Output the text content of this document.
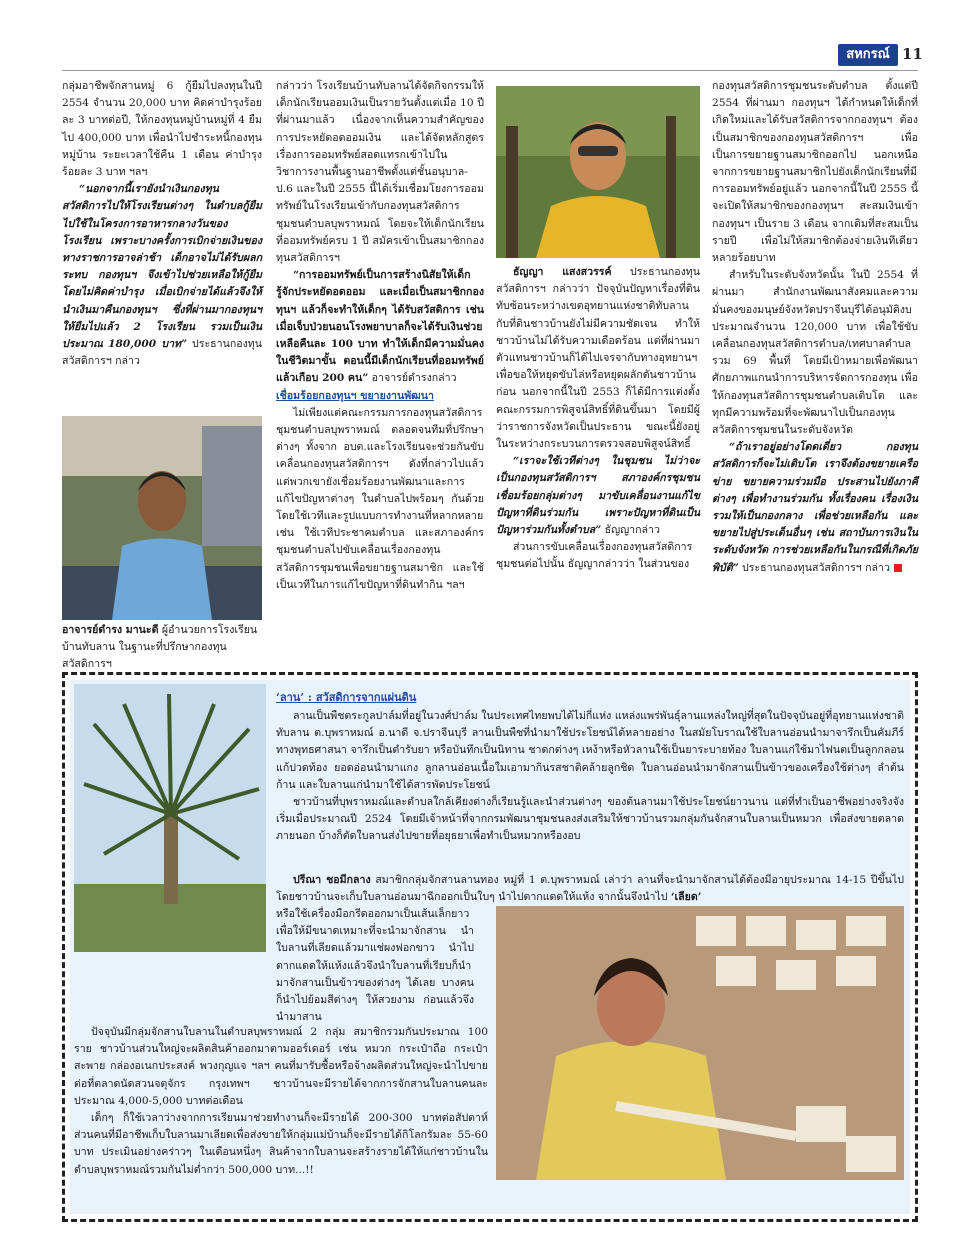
สหกรณ์ 11

กลุ่มอาชีพจักสานหมู่ 6 กู้ยืมไปลงทุนในปี 2554 จำนวน 20,000 บาท คิดค่าบำรุงร้อยละ 3 บาทต่อปี, ให้กองทุนหมู่บ้านหมู่ที่ 4 ยืมไป 400,000 บาท เพื่อนำไปชำระหนี้กองทุนหมู่บ้าน ระยะเวลาใช้คืน 1 เดือน ค่าบำรุงร้อยละ 3 บาท ฯลฯ

“นอกจากนี้เรายังนำเงินกองทุนสวัสดิการไปให้โรงเรียนต่างๆ ในตำบลกู้ยืมไปใช้ในโครงการอาหารกลางวันของโรงเรียน เพราะบางครั้งการเบิกจ่ายเงินของทางราชการอาจล่าช้า เด็กอาจไม่ได้รับผลกระทบ กองทุนฯ จึงเข้าไปช่วยเหลือให้กู้ยืมโดยไม่คิดค่าบำรุง เมื่อเบิกจ่ายได้แล้วจึงให้นำเงินมาคืนกองทุนฯ ซึ่งที่ผ่านมากองทุนฯ ให้ยืมไปแล้ว 2 โรงเรียน รวมเป็นเงินประมาณ 180,000 บาท” ประธานกองทุนสวัสดิการฯ กล่าว

อาจารย์ดำรง มานะดี ผู้อำนวยการโรงเรียนบ้านทับลาน ในฐานะที่ปรึกษากองทุนสวัสดิการฯ

กล่าวว่า โรงเรียนบ้านทับลานได้จัดกิจกรรมให้เด็กนักเรียนออมเงินเป็นรายวันตั้งแต่เมื่อ 10 ปีที่ผ่านมาแล้ว เนื่องจากเห็นความสำคัญของการประหยัดอดออมเงิน และได้จัดหลักสูตรเรื่องการออมทรัพย์สอดแทรกเข้าไปในวิชาการงานพื้นฐานอาชีพตั้งแต่ชั้นอนุบาล-ป.6 และในปี 2555 นี้ได้เริ่มเชื่อมโยงการออมทรัพย์ในโรงเรียนเข้ากับกองทุนสวัสดิการชุมชนตำบลบุพราหมณ์ โดยจะให้เด็กนักเรียนที่ออมทรัพย์ครบ 1 ปี สมัครเข้าเป็นสมาชิกกองทุนสวัสดิการฯ

“การออมทรัพย์เป็นการสร้างนิสัยให้เด็กรู้จักประหยัดอดออม และเมื่อเป็นสมาชิกกองทุนฯ แล้วก็จะทำให้เด็กๆ ได้รับสวัสดิการ เช่น เมื่อเจ็บป่วยนอนโรงพยาบาลก็จะได้รับเงินช่วยเหลือคืนละ 100 บาท ทำให้เด็กมีความมั่นคงในชีวิตมาขั้น ตอนนี้มีเด็กนักเรียนที่ออมทรัพย์แล้วเกือบ 200 คน” อาจารย์ดำรงกล่าว

เชื่อมร้อยกองทุนฯ ขยายงานพัฒนา

ไม่เพียงแต่คณะกรรมการกองทุนสวัสดิการชุมชนตำบลบุพราหมณ์ ตลอดจนทีมที่ปรึกษาต่างๆ ทั้งจาก อบต.และโรงเรียนจะช่วยกันขับเคลื่อนกองทุนสวัสดิการฯ ดังที่กล่าวไปแล้ว แต่พวกเขายังเชื่อมร้อยงานพัฒนาและการแก้ไขปัญหาต่างๆ ในตำบลไปพร้อมๆ กันด้วย โดยใช้เวทีและรูปแบบการทำงานที่หลากหลาย เช่น ใช้เวทีประชาคมตำบล และสภาองค์กรชุมชนตำบลไปขับเคลื่อนเรื่องกองทุนสวัสดิการชุมชนเพื่อขยายฐานสมาชิก และใช้เป็นเวทีในการแก้ไขปัญหาที่ดินทำกิน ฯลฯ

ธัญญา แสงสวรรค์ ประธานกองทุนสวัสดิการฯ กล่าวว่า ปัจจุบันปัญหาเรื่องที่ดินทับซ้อนระหว่างเขตอุทยานแห่งชาติทับลานกับที่ดินชาวบ้านยังไม่มีความชัดเจน ทำให้ชาวบ้านไม่ได้รับความเดือดร้อน แต่ที่ผ่านมาตัวแทนชาวบ้านก็ได้ไปเจรจากับทางอุทยานฯ เพื่อขอให้หยุดขับไล่หรือหยุดผลักดันชาวบ้านก่อน นอกจากนี้ในปี 2553 ก็ได้มีการแต่งตั้งคณะกรรมการพิสูจน์สิทธิ์ที่ดินขึ้นมา โดยมีผู้ว่าราชการจังหวัดเป็นประธาน ขณะนี้ยังอยู่ในระหว่างกระบวนการตรวจสอบพิสูจน์สิทธิ์

“เราจะใช้เวทีต่างๆ ในชุมชน ไม่ว่าจะเป็นกองทุนสวัสดิการฯ สภาองค์กรชุมชน เชื่อมร้อยกลุ่มต่างๆ มาขับเคลื่อนงานแก้ไขปัญหาที่ดินร่วมกัน เพราะปัญหาที่ดินเป็นปัญหาร่วมกันทั้งตำบล” ธัญญากล่าว

ส่วนการขับเคลื่อนเรื่องกองทุนสวัสดิการชุมชนต่อไปนั้น ธัญญากล่าวว่า ในส่วนของ

กองทุนสวัสดิการชุมชนระดับตำบล ตั้งแต่ปี 2554 ที่ผ่านมา กองทุนฯ ได้กำหนดให้เด็กที่เกิดใหม่และได้รับสวัสดิการจากกองทุนฯ ต้องเป็นสมาชิกของกองทุนสวัสดิการฯ เพื่อเป็นการขยายฐานสมาชิกออกไป นอกเหนือจากการขยายฐานสมาชิกไปยังเด็กนักเรียนที่มีการออมทรัพย์อยู่แล้ว นอกจากนี้ในปี 2555 นี้ จะเปิดให้สมาชิกของกองทุนฯ สะสมเงินเข้ากองทุนฯ เป็นราย 3 เดือน จากเดิมที่สะสมเป็นรายปี เพื่อไม่ให้สมาชิกต้องจ่ายเงินทีเดียวหลายร้อยบาท

สำหรับในระดับจังหวัดนั้น ในปี 2554 ที่ผ่านมา สำนักงานพัฒนาสังคมและความมั่นคงของมนุษย์จังหวัดปราจีนบุรีได้อนุมัติงบประมาณจำนวน 120,000 บาท เพื่อใช้ขับเคลื่อนกองทุนสวัสดิการตำบล/เทศบาลตำบล รวม 69 พื้นที่ โดยมีเป้าหมายเพื่อพัฒนาศักยภาพแกนนำการบริหารจัดการกองทุน เพื่อให้กองทุนสวัสดิการชุมชนตำบลเติบโต และทุกมีความพร้อมที่จะพัฒนาไปเป็นกองทุนสวัสดิการชุมชนในระดับจังหวัด

“ถ้าเราอยู่อย่างโดดเดี่ยว กองทุนสวัสดิการก็จะไม่เติบโต เราจึงต้องขยายเครือข่าย ขยายความร่วมมือ ประสานไปยังภาคีต่างๆ เพื่อทำงานร่วมกัน ทั้งเรื่องคน เรื่องเงิน รวมให้เป็นกองกลาง เพื่อช่วยเหลือกัน และขยายไปสู่ประเด็นอื่นๆ เช่น สถาบันการเงินในระดับจังหวัด การช่วยเหลือกันในกรณีที่เกิดภัยพิบัติ” ประธานกองทุนสวัสดิการฯ กล่าว

‘ลาน’ : สวัสดิการจากแผ่นดิน

ลานเป็นพืชตระกูลปาล์มที่อยู่ในวงศ์ปาล์ม ในประเทศไทยพบได้ไม่กี่แห่ง แหล่งแพร่พันธุ์ลานแหล่งใหญ่ที่สุดในปัจจุบันอยู่ที่อุทยานแห่งชาติทับลาน ต.บุพราหมณ์ อ.นาดี จ.ปราจีนบุรี ลานเป็นพืชที่นำมาใช้ประโยชน์ได้หลายอย่าง ในสมัยโบราณใช้ใบลานอ่อนนำมาจารึกเป็นคัมภีร์ทางพุทธศาสนา จารึกเป็นตำรับยา หรือบันทึกเป็นนิทาน ชาดกต่างๆ เหง้าหรือหัวลานใช้เป็นยาระบายท้อง ใบลานแก่ใช้มาไฟนตเป็นลูกกลอนแก้ปวดท้อง ยอดอ่อนนำมาแกง ลูกลานอ่อนเนื้อใมเอามากินรสชาติคล้ายลูกชิด ใบลานอ่อนนำมาจักสานเป็นข้าวของเครื่องใช้ต่างๆ ลำต้น ก้าน และใบลานแก่นำมาใช้ได้สารพัดประโยชน์

ชาวบ้านที่บุพราหมณ์และตำบลใกล้เคียงต่างก็เรียนรู้และนำส่วนต่างๆ ของต้นลานมาใช้ประโยชน์ยาวนาน แต่ที่ทำเป็นอาชีพอย่างจริงจังเริ่มเมื่อประมาณปี 2524 โดยมีเจ้าหน้าที่จากกรมพัฒนาชุมชนลงส่งเสริมให้ชาวบ้านรวมกลุ่มกันจักสานใบลานเป็นหมวก เพื่อส่งขายตลาดภายนอก บ้างก็ตัดใบลานส่งไปขายที่อยุธยาเพื่อทำเป็นหมวกหรืองอบ

ปรีณา ชอมีกลาง สมาชิกกลุ่มจักสานลานทอง หมู่ที่ 1 ต.บุพราหมณ์ เล่าว่า ลานที่จะนำมาจักสานได้ต้องมีอายุประมาณ 14-15 ปีขึ้นไป โดยชาวบ้านจะเก็บใบลานอ่อนมาฉีกออกเป็นใบๆ นำไปตากแดดให้แห้ง จากนั้นจึงนำไป ‘เลียด’

หรือใช้เครื่องมือกรีดออกมาเป็นเส้นเล็กยาวเพื่อให้มีขนาดเหมาะที่จะนำมาจักสาน นำใบลานที่เลียดแล้วมาแช่ผงฟอกขาว นำไปตากแดดให้แห้งแล้วจึงนำใบลานที่เรียบก็นำมาจักสานเป็นข้าวของต่างๆ ได้เลย บางคนก็นำไปย้อมสีต่างๆ ให้สวยงาม ก่อนแล้วจึงนำมาสาน

ปัจจุบันมีกลุ่มจักสานใบลานในตำบลบุพราหมณ์ 2 กลุ่ม สมาชิกรวมกันประมาณ 100 ราย ชาวบ้านส่วนใหญ่จะผลิตสินค้าออกมาตามออร์เดอร์ เช่น หมวก กระเป๋าถือ กระเป๋าสะพาย กล่องอเนกประสงค์ พวงกุญแจ ฯลฯ คนที่มารับซื้อหรือจ้างผลิตส่วนใหญ่จะนำไปขายต่อที่ตลาดนัดสวนจตุจักร กรุงเทพฯ ชาวบ้านจะมีรายได้จากการจักสานใบลานคนละประมาณ 4,000-5,000 บาทต่อเดือน

เด็กๆ ก็ใช้เวลาว่างจากการเรียนมาช่วยทำงานก็จะมีรายได้ 200-300 บาทต่อสัปดาห์ ส่วนคนที่มีอาชีพเก็บใบลานมาเลียดเพื่อส่งขายให้กลุ่มแม่บ้านก็จะมีรายได้กิโลกรัมละ 55-60 บาท ประเมินอย่างคร่าวๆ ในเดือนหนึ่งๆ สินค้าจากใบลานจะสร้างรายได้ให้แก่ชาวบ้านในตำบลบุพราหมณ์รวมกันไม่ต่ำกว่า 500,000 บาท...!!
